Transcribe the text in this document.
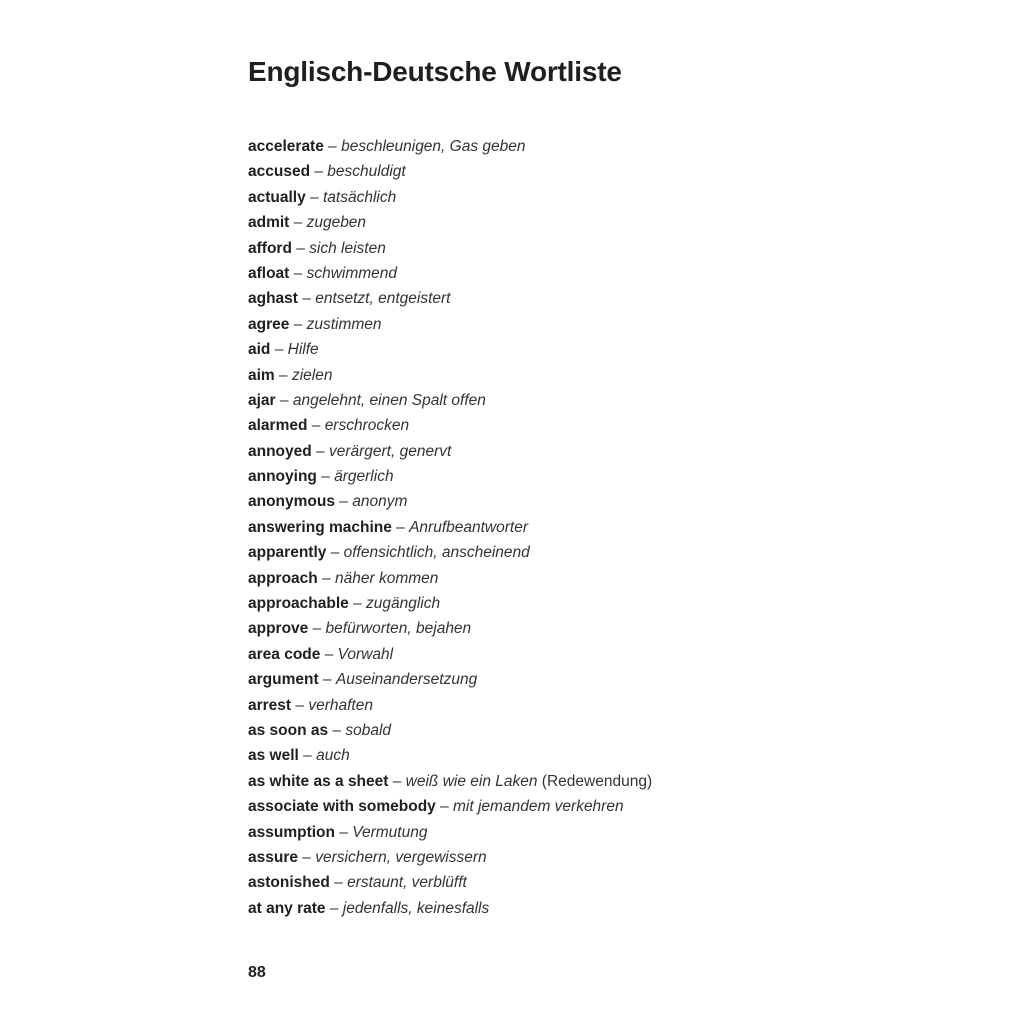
Englisch-Deutsche Wortliste
accelerate – beschleunigen, Gas geben
accused – beschuldigt
actually – tatsächlich
admit – zugeben
afford – sich leisten
afloat – schwimmend
aghast – entsetzt, entgeistert
agree – zustimmen
aid – Hilfe
aim – zielen
ajar – angelehnt, einen Spalt offen
alarmed – erschrocken
annoyed – verärgert, genervt
annoying – ärgerlich
anonymous – anonym
answering machine – Anrufbeantworter
apparently – offensichtlich, anscheinend
approach – näher kommen
approachable – zugänglich
approve – befürworten, bejahen
area code – Vorwahl
argument – Auseinandersetzung
arrest – verhaften
as soon as – sobald
as well – auch
as white as a sheet – weiß wie ein Laken (Redewendung)
associate with somebody – mit jemandem verkehren
assumption – Vermutung
assure – versichern, vergewissern
astonished – erstaunt, verblüfft
at any rate – jedenfalls, keinesfalls
88
